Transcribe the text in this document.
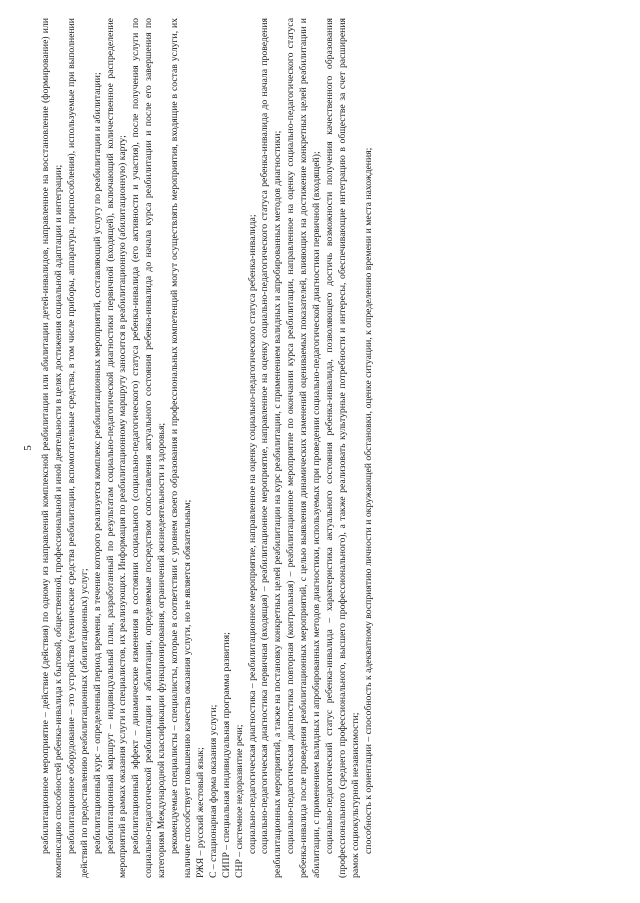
5 реабилитационное мероприятие – действие (действия) по одному из направлений комплексной реабилитации или абилитации детей-инвалидов, направленное на восстановление (формирование) или компенсацию способностей ребенка-инвалида к бытовой, общественной, профессиональной и иной деятельности в целях достижения социальной адаптации и интеграции; реабилитационное оборудование – это устройства (технические средства реабилитации, вспомогательные средства, в том числе приборы, аппаратура, приспособления), используемые при выполнении действий по предоставлению реабилитационных (абилитационных) услуг; реабилитационный курс – определенный период времени, в течение которого реализуется комплекс реабилитационных мероприятий, составляющий услугу по реабилитации и абилитации; реабилитационный маршрут – индивидуальный план, разработанный по результатам социально-педагогической диагностики первичной (входящей), включающий количественное распределение мероприятий в рамках оказания услуги и специалистов, их реализующих. Информация по реабилитационному маршруту заносится в реабилитационную (абилитационную) карту; реабилитационный эффект – динамические изменения в состоянии социального (социально-педагогического) статуса ребенка-инвалида (его активности и участия), после получения услуги по социально-педагогической реабилитации и абилитации, определяемые посредством сопоставления актуального состояния ребенка-инвалида до начала курса реабилитации и после его завершения по категориям Международной классификации функционирования, ограничений жизнедеятельности и здоровья; рекомендуемые специалисты – специалисты, которые в соответствии с уровнем своего образования и профессиональных компетенций могут осуществлять мероприятия, входящие в состав услуги, их наличие способствует повышению качества оказания услуги, но не является обязательным; РЖЯ – русский жестовый язык; С – стационарная форма оказания услуги; СИПР – специальная индивидуальная программа развития; СНР – системное недоразвитие речи; социально-педагогическая диагностика – реабилитационное мероприятие, направленное на оценку социально-педагогического статуса ребенка-инвалида; социально-педагогическая диагностика первичная (входящая) – реабилитационное мероприятие, направленное на оценку социально-педагогического статуса ребенка-инвалида до начала проведения реабилитационных мероприятий, а также на постановку конкретных целей реабилитации на курс реабилитации, с применением валидных и апробированных методов диагностики; социально-педагогическая диагностика повторная (контрольная) – реабилитационное мероприятие по окончании курса реабилитации, направленное на оценку социально-педагогического статуса ребенка-инвалида после проведения реабилитационных мероприятий, с целью выявления динамических изменений оцениваемых показателей, влияющих на достижение конкретных целей реабилитации и абилитации, с применением валидных и апробированных методов диагностики, используемых при проведении социально-педагогической диагностики первичной (входящей); социально-педагогический статус ребенка-инвалида – характеристика актуального состояния ребенка-инвалида, позволяющего достичь возможности получения качественного образования (профессионального (среднего профессионального, высшего профессионального), а также реализовать культурные потребности и интересы, обеспечивающие интеграцию в обществе за счет расширения рамок социокультурной независимости; способность к ориентации – способность к адекватному восприятию личности и окружающей обстановки, оценке ситуации, к определению времени и места нахождения;
